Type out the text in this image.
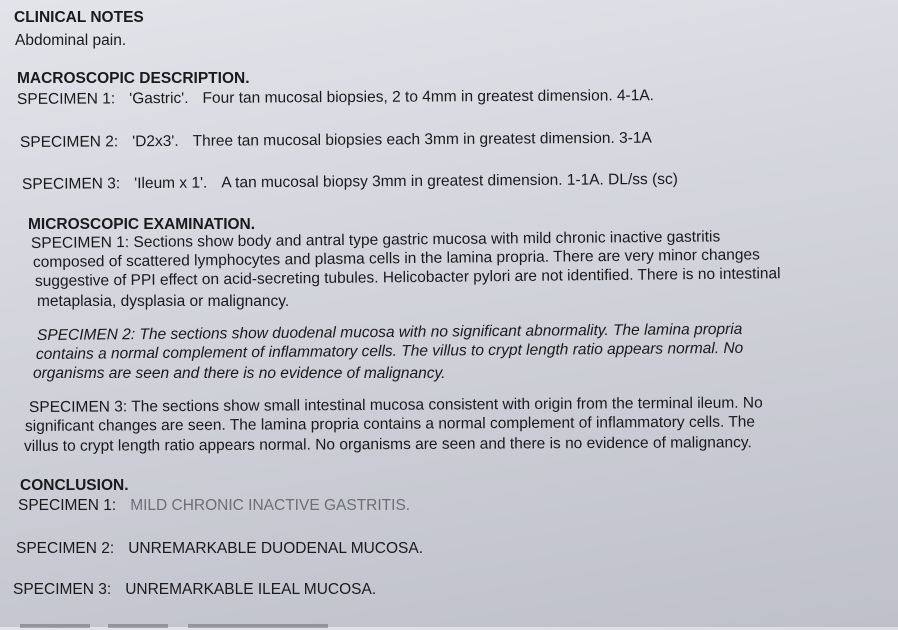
CLINICAL NOTES
Abdominal pain.
MACROSCOPIC DESCRIPTION.
SPECIMEN 1: 'Gastric'. Four tan mucosal biopsies, 2 to 4mm in greatest dimension. 4-1A.
SPECIMEN 2: 'D2x3'. Three tan mucosal biopsies each 3mm in greatest dimension. 3-1A
SPECIMEN 3: 'Ileum x 1'. A tan mucosal biopsy 3mm in greatest dimension. 1-1A. DL/ss (sc)
MICROSCOPIC EXAMINATION.
SPECIMEN 1: Sections show body and antral type gastric mucosa with mild chronic inactive gastritis
composed of scattered lymphocytes and plasma cells in the lamina propria. There are very minor changes
suggestive of PPI effect on acid-secreting tubules. Helicobacter pylori are not identified. There is no intestinal
metaplasia, dysplasia or malignancy.
SPECIMEN 2: The sections show duodenal mucosa with no significant abnormality. The lamina propria
contains a normal complement of inflammatory cells. The villus to crypt length ratio appears normal. No
organisms are seen and there is no evidence of malignancy.
SPECIMEN 3: The sections show small intestinal mucosa consistent with origin from the terminal ileum. No
significant changes are seen. The lamina propria contains a normal complement of inflammatory cells. The
villus to crypt length ratio appears normal. No organisms are seen and there is no evidence of malignancy.
CONCLUSION.
SPECIMEN 1: MILD CHRONIC INACTIVE GASTRITIS.
SPECIMEN 2: UNREMARKABLE DUODENAL MUCOSA.
SPECIMEN 3: UNREMARKABLE ILEAL MUCOSA.
